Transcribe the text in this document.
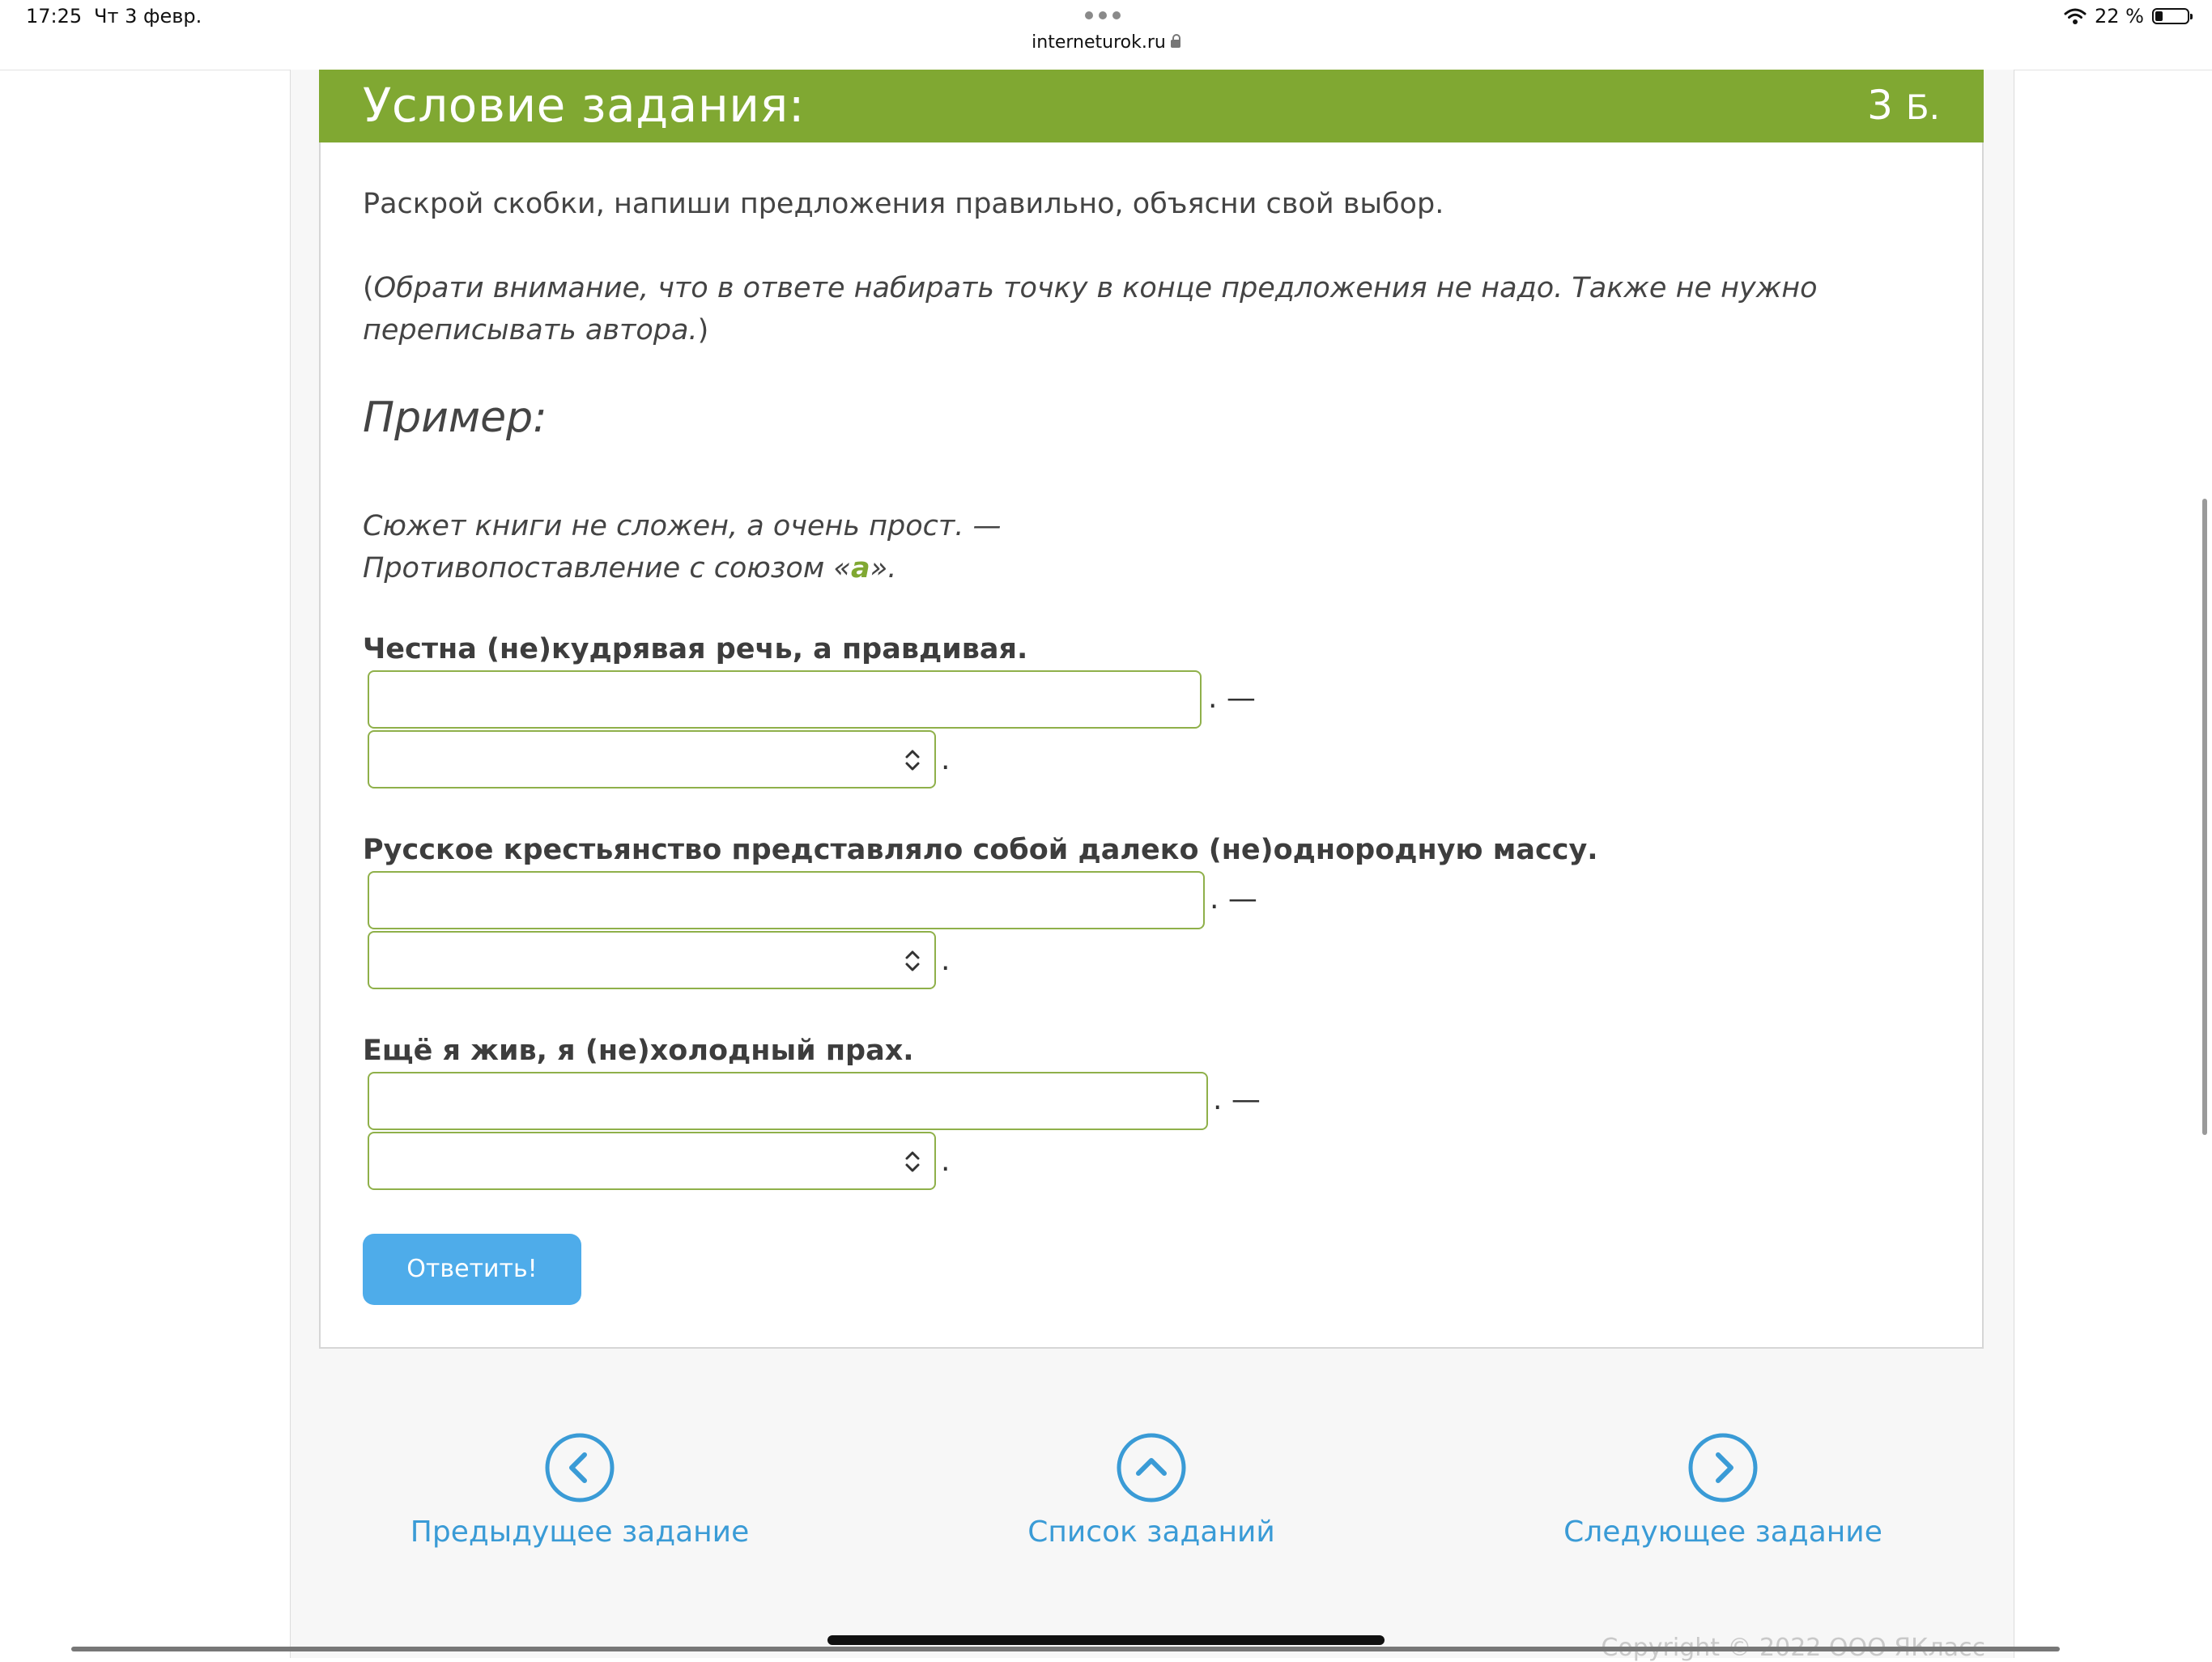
17:25 Чт 3 февр.
interneturok.ru
22 %
Условие задания:	3 Б.
Раскрой скобки, напиши предложения правильно, объясни свой выбор.
(Обрати внимание, что в ответе набирать точку в конце предложения не надо. Также не нужно переписывать автора.)
Пример:
Сюжет книги не сложен, а очень прост. —
Противопоставление с союзом «а».
Честна (не)кудрявая речь, а правдивая.
. —
.
Русское крестьянство представляло собой далеко (не)однородную массу.
. —
.
Ещё я жив, я (не)холодный прах.
. —
.
Ответить!
Предыдущее задание	Список заданий	Следующее задание
